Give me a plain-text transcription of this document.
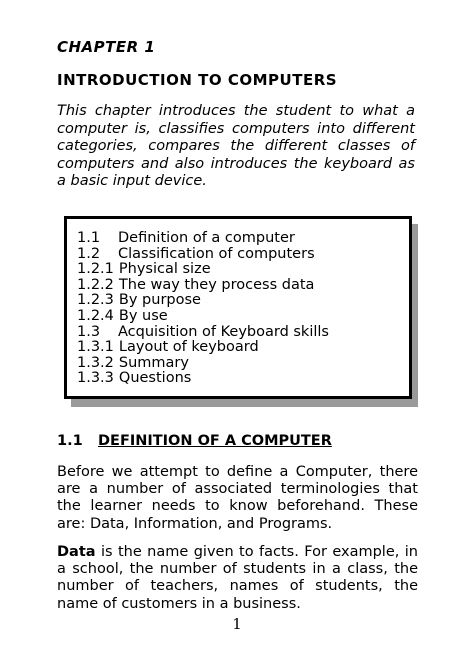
CHAPTER 1
INTRODUCTION TO COMPUTERS

This chapter introduces the student to what a computer is, classifies computers into different categories, compares the different classes of computers and also introduces the keyboard as a basic input device.

1.1 Definition of a computer
1.2 Classification of computers
1.2.1 Physical size
1.2.2 The way they process data
1.2.3 By purpose
1.2.4 By use
1.3 Acquisition of Keyboard skills
1.3.1 Layout of keyboard
1.3.2 Summary
1.3.3 Questions
1.1 DEFINITION OF A COMPUTER

Before we attempt to define a Computer, there are a number of associated terminologies that the learner needs to know beforehand. These are: Data, Information, and Programs.

Data is the name given to facts. For example, in a school, the number of students in a class, the number of teachers, names of students, the name of customers in a business.

1
